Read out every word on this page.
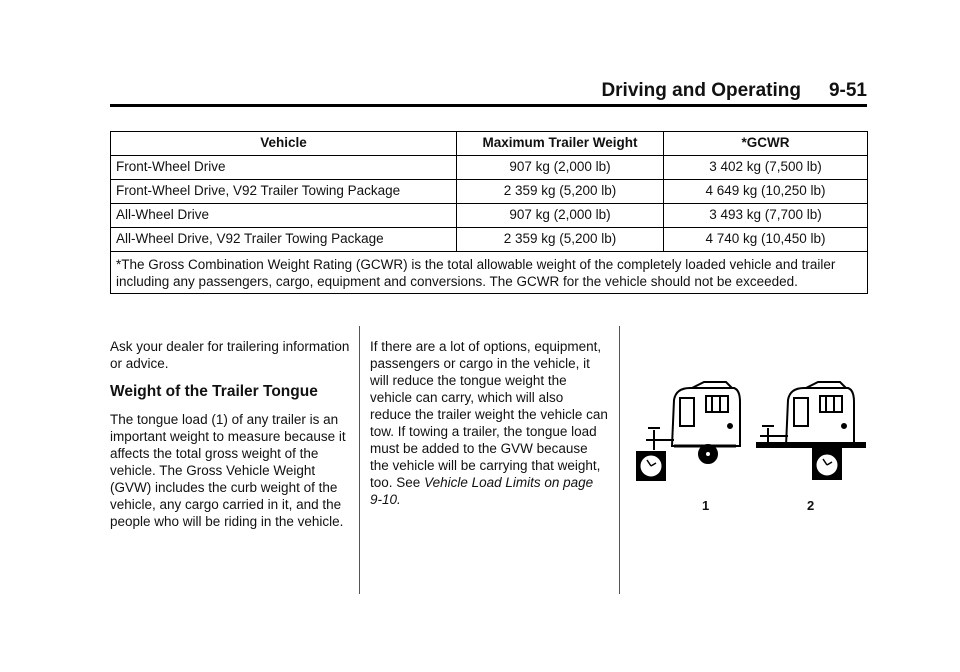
Driving and Operating 9-51
Vehicle	Maximum Trailer Weight	*GCWR
Front-Wheel Drive	907 kg (2,000 lb)	3 402 kg (7,500 lb)
Front-Wheel Drive, V92 Trailer Towing Package	2 359 kg (5,200 lb)	4 649 kg (10,250 lb)
All-Wheel Drive	907 kg (2,000 lb)	3 493 kg (7,700 lb)
All-Wheel Drive, V92 Trailer Towing Package	2 359 kg (5,200 lb)	4 740 kg (10,450 lb)
*The Gross Combination Weight Rating (GCWR) is the total allowable weight of the completely loaded vehicle and trailer including any passengers, cargo, equipment and conversions. The GCWR for the vehicle should not be exceeded.		

Ask your dealer for trailering information or advice.

Weight of the Trailer Tongue

The tongue load (1) of any trailer is an important weight to measure because it affects the total gross weight of the vehicle. The Gross Vehicle Weight (GVW) includes the curb weight of the vehicle, any cargo carried in it, and the people who will be riding in the vehicle.

If there are a lot of options, equipment, passengers or cargo in the vehicle, it will reduce the tongue weight the vehicle can carry, which will also reduce the trailer weight the vehicle can tow. If towing a trailer, the tongue load must be added to the GVW because the vehicle will be carrying that weight, too. See Vehicle Load Limits on page 9-10.	1	2
